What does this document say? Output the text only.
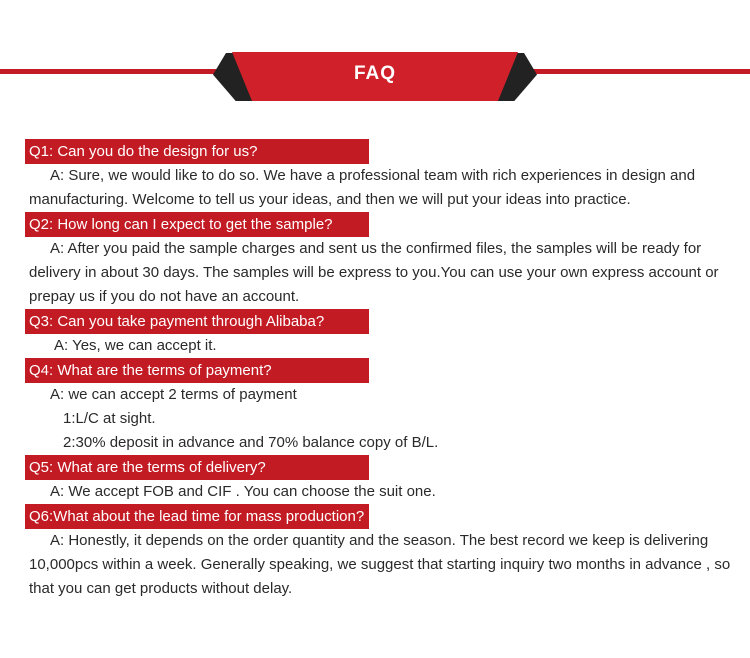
FAQ
Q1: Can you do the design for us?

A: Sure, we would like to do so. We have a professional team with rich experiences in design and manufacturing. Welcome to tell us your ideas, and then we will put your ideas into practice.

Q2: How long can I expect to get the sample?

A: After you paid the sample charges and sent us the confirmed files, the samples will be ready for delivery in about 30 days. The samples will be express to you.You can use your own express account or prepay us if you do not have an account.

Q3: Can you take payment through Alibaba?

A: Yes, we can accept it.

Q4: What are the terms of payment?

A: we can accept 2 terms of payment

1:L/C at sight.

2:30% deposit in advance and 70% balance copy of B/L.

Q5: What are the terms of delivery?

A: We accept FOB and CIF . You can choose the suit one.

Q6:What about the lead time for mass production?

A: Honestly, it depends on the order quantity and the season. The best record we keep is delivering 10,000pcs within a week. Generally speaking, we suggest that starting inquiry two months in advance , so that you can get products without delay.
